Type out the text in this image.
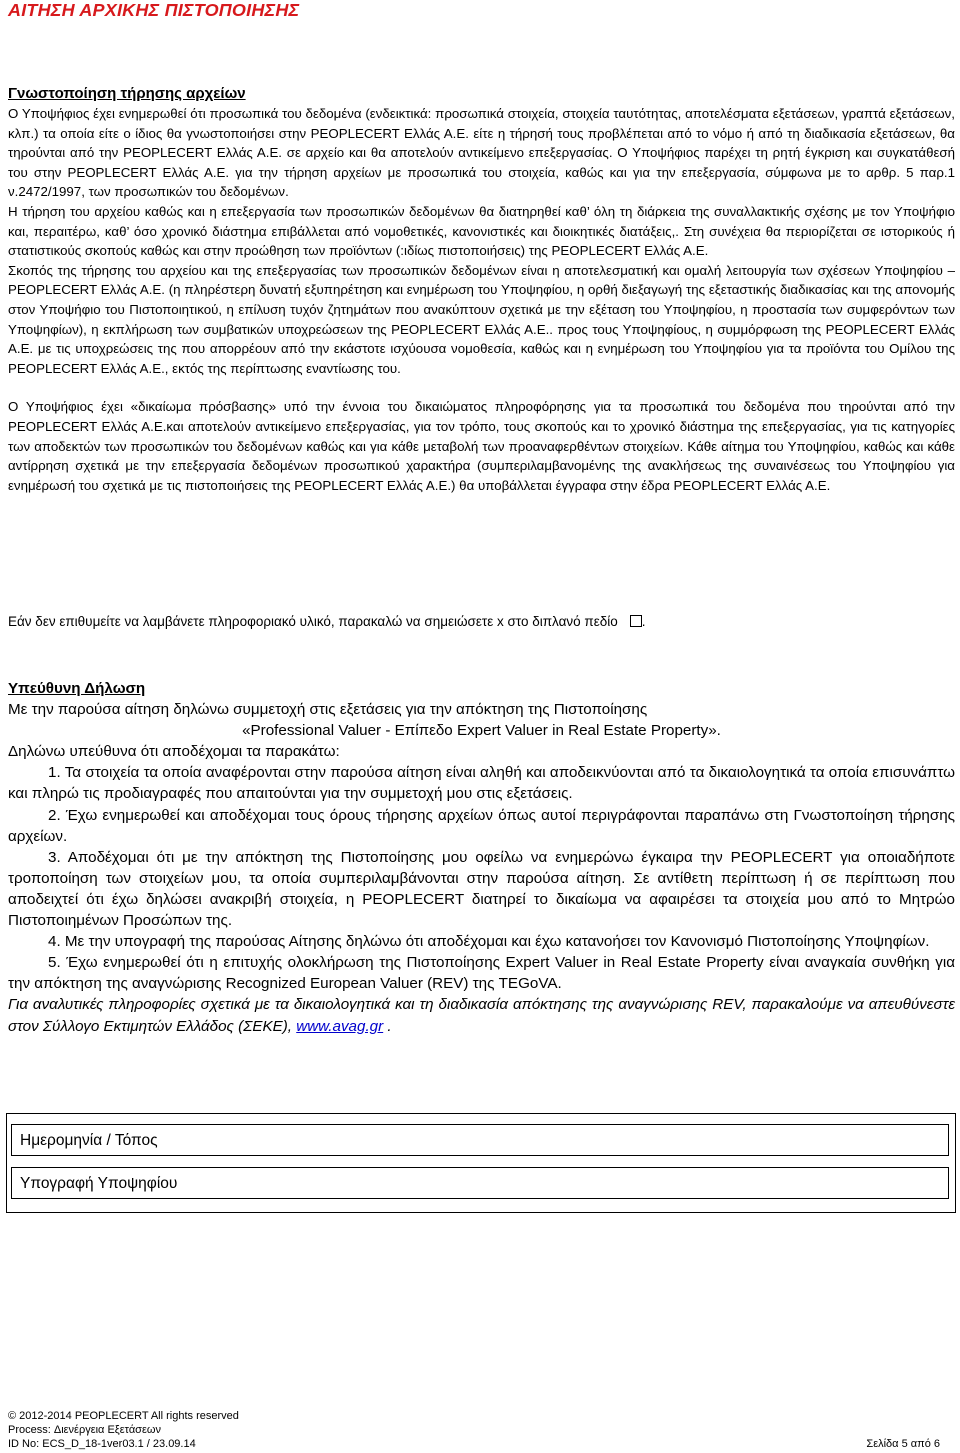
ΑΙΤΗΣΗ ΑΡΧΙΚΗΣ ΠΙΣΤΟΠΟΙΗΣΗΣ
Γνωστοποίηση τήρησης αρχείων

Ο Υποψήφιος έχει ενημερωθεί ότι προσωπικά του δεδομένα (ενδεικτικά: προσωπικά στοιχεία, στοιχεία ταυτότητας, αποτελέσματα εξετάσεων, γραπτά εξετάσεων, κλπ.) τα οποία είτε ο ίδιος θα γνωστοποιήσει στην PEOPLECERT Ελλάς Α.Ε. είτε η τήρησή τους προβλέπεται από το νόμο ή από τη διαδικασία εξετάσεων, θα τηρούνται από την PEOPLECERT Ελλάς Α.Ε. σε αρχείο και θα αποτελούν αντικείμενο επεξεργασίας. Ο Υποψήφιος παρέχει τη ρητή έγκριση και συγκατάθεσή του στην PEOPLECERT Ελλάς Α.Ε. για την τήρηση αρχείων με προσωπικά του στοιχεία, καθώς και για την επεξεργασία, σύμφωνα με το αρθρ. 5 παρ.1 ν.2472/1997, των προσωπικών του δεδομένων.

Η τήρηση του αρχείου καθώς και η επεξεργασία των προσωπικών δεδομένων θα διατηρηθεί καθ’ όλη τη διάρκεια της συναλλακτικής σχέσης με τον Υποψήφιο και, περαιτέρω, καθ’ όσο χρονικό διάστημα επιβάλλεται από νομοθετικές, κανονιστικές και διοικητικές διατάξεις,. Στη συνέχεια θα περιορίζεται σε ιστορικούς ή στατιστικούς σκοπούς καθώς και στην προώθηση των προϊόντων (:ιδίως πιστοποιήσεις) της PEOPLECERT Ελλάς Α.Ε.

Σκοπός της τήρησης του αρχείου και της επεξεργασίας των προσωπικών δεδομένων είναι η αποτελεσματική και ομαλή λειτουργία των σχέσεων Υποψηφίου – PEOPLECERT Ελλάς Α.Ε. (η πληρέστερη δυνατή εξυπηρέτηση και ενημέρωση του Υποψηφίου, η ορθή διεξαγωγή της εξεταστικής διαδικασίας και της απονομής στον Υποψήφιο του Πιστοποιητικού, η επίλυση τυχόν ζητημάτων που ανακύπτουν σχετικά με την εξέταση του Υποψηφίου, η προστασία των συμφερόντων των Υποψηφίων), η εκπλήρωση των συμβατικών υποχρεώσεων της PEOPLECERT Ελλάς Α.Ε.. προς τους Υποψηφίους, η συμμόρφωση της PEOPLECERT Ελλάς Α.Ε. με τις υποχρεώσεις της που απορρέουν από την εκάστοτε ισχύουσα νομοθεσία, καθώς και η ενημέρωση του Υποψηφίου για τα προϊόντα του Ομίλου της PEOPLECERT Ελλάς Α.Ε., εκτός της περίπτωσης εναντίωσης του.

Ο Υποψήφιος έχει «δικαίωμα πρόσβασης» υπό την έννοια του δικαιώματος πληροφόρησης για τα προσωπικά του δεδομένα που τηρούνται από την PEOPLECERT Ελλάς Α.Ε.και αποτελούν αντικείμενο επεξεργασίας, για τον τρόπο, τους σκοπούς και το χρονικό διάστημα της επεξεργασίας, για τις κατηγορίες των αποδεκτών των προσωπικών του δεδομένων καθώς και για κάθε μεταβολή των προαναφερθέντων στοιχείων. Κάθε αίτημα του Υποψηφίου, καθώς και κάθε αντίρρηση σχετικά με την επεξεργασία δεδομένων προσωπικού χαρακτήρα (συμπεριλαμβανομένης της ανακλήσεως της συναινέσεως του Υποψηφίου για ενημέρωσή του σχετικά με τις πιστοποιήσεις της PEOPLECERT Ελλάς Α.Ε.) θα υποβάλλεται έγγραφα στην έδρα PEOPLECERT Ελλάς Α.Ε.

Εάν δεν επιθυμείτε να λαμβάνετε πληροφοριακό υλικό, παρακαλώ να σημειώσετε x στο διπλανό πεδίο .

Υπεύθυνη Δήλωση

Με την παρούσα αίτηση δηλώνω συμμετοχή στις εξετάσεις για την απόκτηση της Πιστοποίησης

«Professional Valuer - Επίπεδο Expert Valuer in Real Estate Property».

Δηλώνω υπεύθυνα ότι αποδέχομαι τα παρακάτω:

1. Τα στοιχεία τα οποία αναφέρονται στην παρούσα αίτηση είναι αληθή και αποδεικνύονται από τα δικαιολογητικά τα οποία επισυνάπτω και πληρώ τις προδιαγραφές που απαιτούνται για την συμμετοχή μου στις εξετάσεις.

2. Έχω ενημερωθεί και αποδέχομαι τους όρους τήρησης αρχείων όπως αυτοί περιγράφονται παραπάνω στη Γνωστοποίηση τήρησης αρχείων.

3. Αποδέχομαι ότι με την απόκτηση της Πιστοποίησης μου οφείλω να ενημερώνω έγκαιρα την PEOPLECERT για οποιαδήποτε τροποποίηση των στοιχείων μου, τα οποία συμπεριλαμβάνονται στην παρούσα αίτηση. Σε αντίθετη περίπτωση ή σε περίπτωση που αποδειχτεί ότι έχω δηλώσει ανακριβή στοιχεία, η PEOPLECERT διατηρεί το δικαίωμα να αφαιρέσει τα στοιχεία μου από το Μητρώο Πιστοποιημένων Προσώπων της.

4. Με την υπογραφή της παρούσας Αίτησης δηλώνω ότι αποδέχομαι και έχω κατανοήσει τον Κανονισμό Πιστοποίησης Υποψηφίων.

5. Έχω ενημερωθεί ότι η επιτυχής ολοκλήρωση της Πιστοποίησης Expert Valuer in Real Estate Property είναι αναγκαία συνθήκη για την απόκτηση της αναγνώρισης Recognized European Valuer (REV) της TEGoVA.

Για αναλυτικές πληροφορίες σχετικά με τα δικαιολογητικά και τη διαδικασία απόκτησης της αναγνώρισης REV, παρακαλούμε να απευθύνεστε στον Σύλλογο Εκτιμητών Ελλάδος (ΣΕΚΕ), www.avag.gr .

Ημερομηνία / Τόπος
Υπογραφή Υποψηφίου
© 2012-2014 PEOPLECERT All rights reserved
Process: Διενέργεια Εξετάσεων
ID No: ECS_D_18-1ver03.1 / 23.09.14	Σελίδα 5 από 6
